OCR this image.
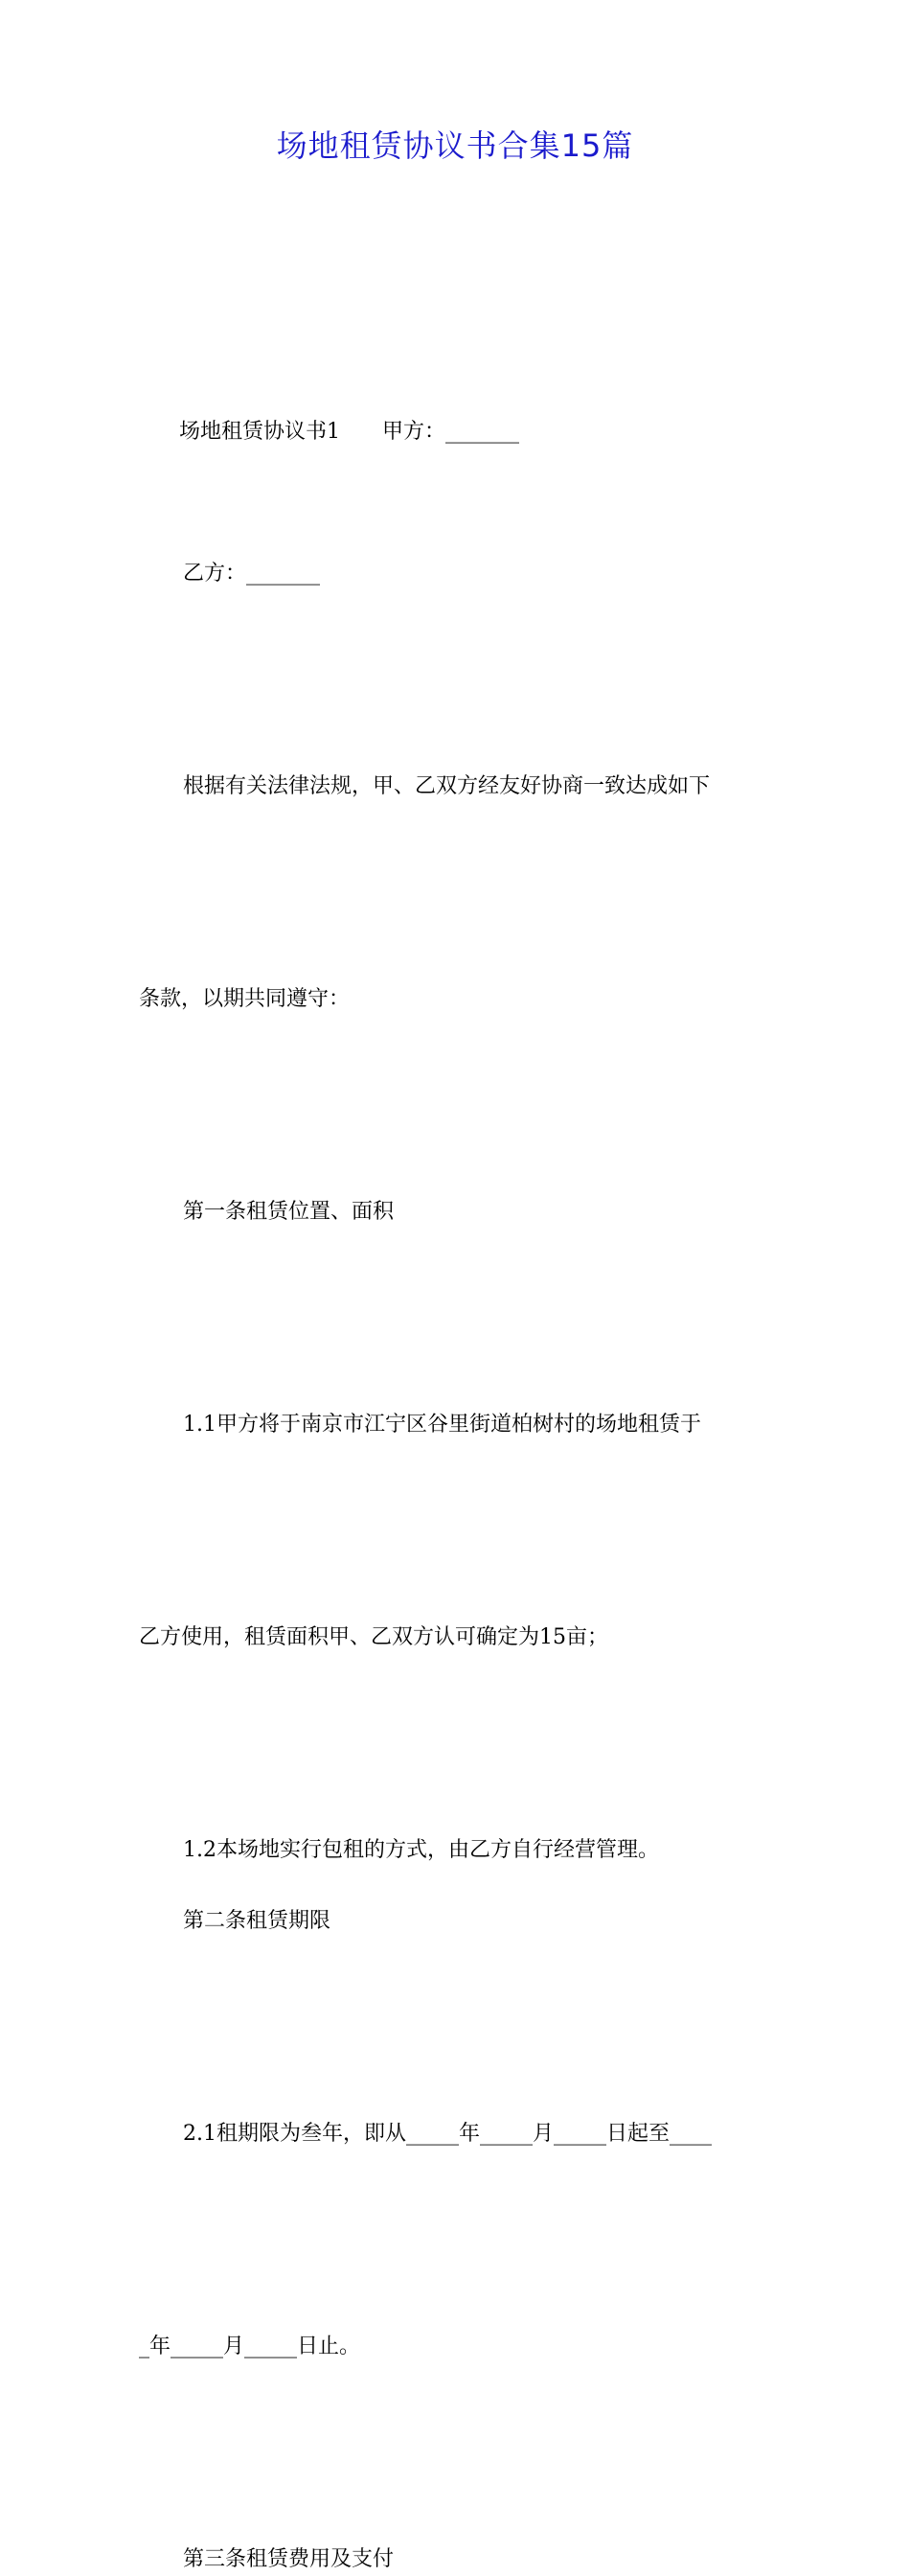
场地租赁协议书合集15篇

场地租赁协议书1 甲方：_______

乙方：_______

根据有关法律法规，甲、乙双方经友好协商一致达成如下

条款，以期共同遵守：

第一条租赁位置、面积

1.1甲方将于南京市江宁区谷里街道柏树村的场地租赁于

乙方使用，租赁面积甲、乙双方认可确定为15亩；

1.2本场地实行包租的方式，由乙方自行经营管理。

第二条租赁期限

2.1租期限为叁年，即从_____年_____月_____日起至____

_年_____月_____日止。

第三条租赁费用及支付
